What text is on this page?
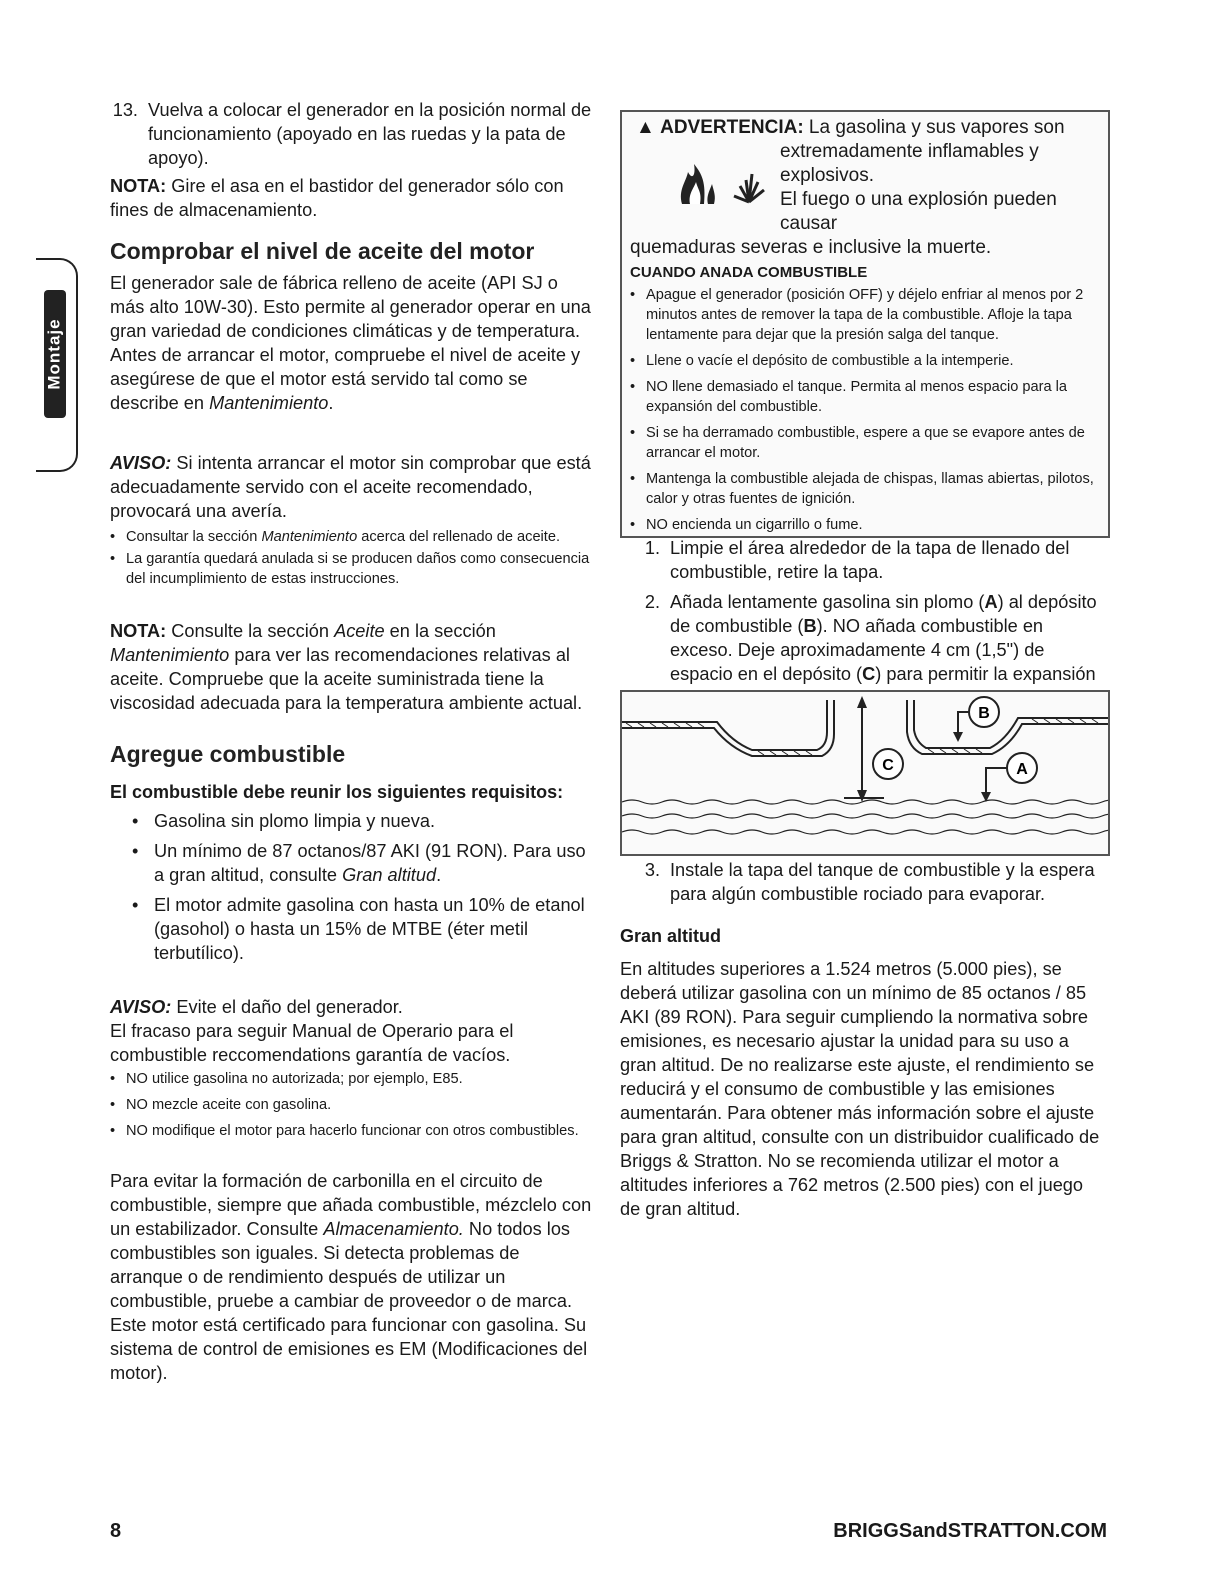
Montaje
13. Vuelva a colocar el generador en la posición normal de funcionamiento (apoyado en las ruedas y la pata de apoyo).

NOTA: Gire el asa en el bastidor del generador sólo con fines de almacenamiento.

Comprobar el nivel de aceite del motor

El generador sale de fábrica relleno de aceite (API SJ o más alto 10W-30). Esto permite al generador operar en una gran variedad de condiciones climáticas y de temperatura. Antes de arrancar el motor, compruebe el nivel de aceite y asegúrese de que el motor está servido tal como se describe en Mantenimiento.

AVISO: Si intenta arrancar el motor sin comprobar que está adecuadamente servido con el aceite recomendado, provocará una avería.

• Consultar la sección Mantenimiento acerca del rellenado de aceite.
• La garantía quedará anulada si se producen daños como consecuencia del incumplimiento de estas instrucciones.

NOTA: Consulte la sección Aceite en la sección Mantenimiento para ver las recomendaciones relativas al aceite. Compruebe que la aceite suministrada tiene la viscosidad adecuada para la temperatura ambiente actual.

Agregue combustible
El combustible debe reunir los siguientes requisitos:
• Gasolina sin plomo limpia y nueva.
• Un mínimo de 87 octanos/87 AKI (91 RON). Para uso a gran altitud, consulte Gran altitud.
• El motor admite gasolina con hasta un 10% de etanol (gasohol) o hasta un 15% de MTBE (éter metil terbutílico).

AVISO: Evite el daño del generador.
El fracaso para seguir Manual de Operario para el combustible reccomendations garantía de vacíos.

• NO utilice gasolina no autorizada; por ejemplo, E85.
• NO mezcle aceite con gasolina.
• NO modifique el motor para hacerlo funcionar con otros combustibles.

Para evitar la formación de carbonilla en el circuito de combustible, siempre que añada combustible, mézclelo con un estabilizador. Consulte Almacenamiento. No todos los combustibles son iguales. Si detecta problemas de arranque o de rendimiento después de utilizar un combustible, pruebe a cambiar de proveedor o de marca. Este motor está certificado para funcionar con gasolina. Su sistema de control de emisiones es EM (Modificaciones del motor).

▲ ADVERTENCIA: La gasolina y sus vapores son
extremadamente inflamables y
explosivos.
El fuego o una explosión pueden causar
quemaduras severas e inclusive la muerte.
CUANDO ANADA COMBUSTIBLE
• Apague el generador (posición OFF) y déjelo enfriar al menos por 2 minutos antes de remover la tapa de la combustible. Afloje la tapa lentamente para dejar que la presión salga del tanque.
• Llene o vacíe el depósito de combustible a la intemperie.
• NO llene demasiado el tanque. Permita al menos espacio para la expansión del combustible.
• Si se ha derramado combustible, espere a que se evapore antes de arrancar el motor.
• Mantenga la combustible alejada de chispas, llamas abiertas, pilotos, calor y otras fuentes de ignición.
• NO encienda un cigarrillo o fume.
1. Limpie el área alrededor de la tapa de llenado del combustible, retire la tapa.
2. Añada lentamente gasolina sin plomo (A) al depósito de combustible (B). NO añada combustible en exceso. Deje aproximadamente 4 cm (1,5") de espacio en el depósito (C) para permitir la expansión
C
B
A
3. Instale la tapa del tanque de combustible y la espera para algún combustible rociado para evaporar.
Gran altitud

En altitudes superiores a 1.524 metros (5.000 pies), se deberá utilizar gasolina con un mínimo de 85 octanos / 85 AKI (89 RON). Para seguir cumpliendo la normativa sobre emisiones, es necesario ajustar la unidad para su uso a gran altitud. De no realizarse este ajuste, el rendimiento se reducirá y el consumo de combustible y las emisiones aumentarán. Para obtener más información sobre el ajuste para gran altitud, consulte con un distribuidor cualificado de Briggs & Stratton. No se recomienda utilizar el motor a altitudes inferiores a 762 metros (2.500 pies) con el juego de gran altitud.

8	BRIGGSandSTRATTON.COM
